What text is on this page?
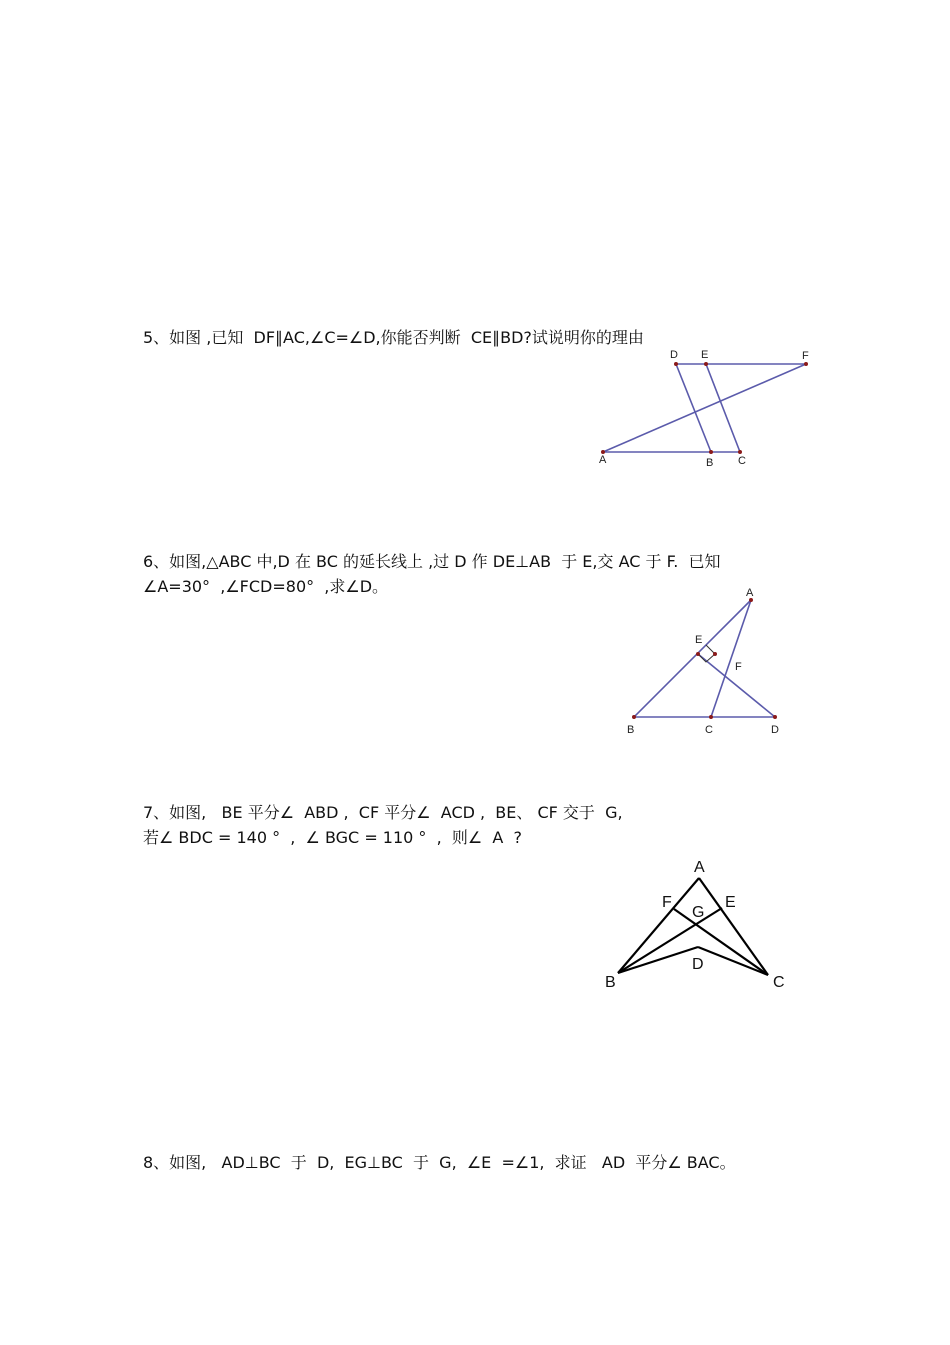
5、如图 ,已知  DF∥AC,∠C=∠D,你能否判断  CE∥BD?试说明你的理由
D E	F
A	B C
6、如图,△ABC 中,D 在 BC 的延长线上 ,过 D 作 DE⊥AB  于 E,交 AC 于 F.  已知
∠A=30°  ,∠FCD=80°  ,求∠D。	A
E
F
B	C	D
7、如图,   BE 平分∠  ABD ,  CF 平分∠  ACD ,  BE、 CF 交于  G,
若∠ BDC = 140 °  ,  ∠ BGC = 110 °  ,  则∠  A  ?
A
F
G
E
D
B	C
8、如图,   AD⊥BC  于  D,  EG⊥BC  于  G,  ∠E  =∠1,  求证   AD  平分∠ BAC。
